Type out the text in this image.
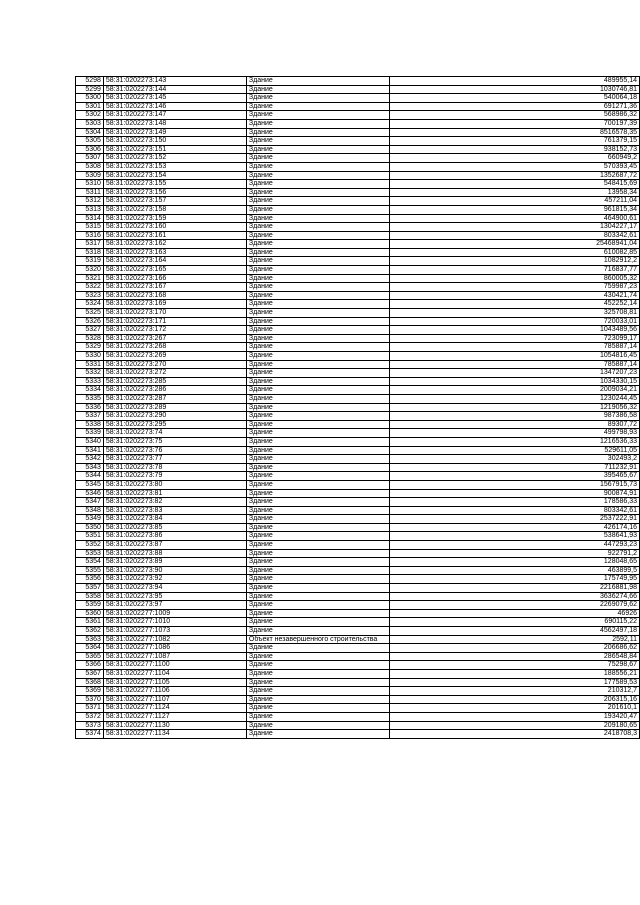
5298	58:31:0202273:143	Здание	489955,14
5299	58:31:0202273:144	Здание	1030746,81
5300	58:31:0202273:145	Здание	540064,18
5301	58:31:0202273:146	Здание	691271,36
5302	58:31:0202273:147	Здание	568986,32
5303	58:31:0202273:148	Здание	700197,39
5304	58:31:0202273:149	Здание	8516578,35
5305	58:31:0202273:150	Здание	761379,15
5306	58:31:0202273:151	Здание	938152,73
5307	58:31:0202273:152	Здание	660949,2
5308	58:31:0202273:153	Здание	570393,45
5309	58:31:0202273:154	Здание	1352687,72
5310	58:31:0202273:155	Здание	548415,69
5311	58:31:0202273:156	Здание	13958,34
5312	58:31:0202273:157	Здание	457211,04
5313	58:31:0202273:158	Здание	961815,34
5314	58:31:0202273:159	Здание	464900,61
5315	58:31:0202273:160	Здание	1304227,17
5316	58:31:0202273:161	Здание	803342,61
5317	58:31:0202273:162	Здание	25468941,04
5318	58:31:0202273:163	Здание	610082,85
5319	58:31:0202273:164	Здание	1082912,2
5320	58:31:0202273:165	Здание	716837,77
5321	58:31:0202273:166	Здание	860005,32
5322	58:31:0202273:167	Здание	759987,23
5323	58:31:0202273:168	Здание	430421,74
5324	58:31:0202273:169	Здание	452252,14
5325	58:31:0202273:170	Здание	325708,81
5326	58:31:0202273:171	Здание	720033,01
5327	58:31:0202273:172	Здание	1043489,56
5328	58:31:0202273:267	Здание	723099,17
5329	58:31:0202273:268	Здание	785887,14
5330	58:31:0202273:269	Здание	1054816,45
5331	58:31:0202273:270	Здание	785887,14
5332	58:31:0202273:272	Здание	1347207,23
5333	58:31:0202273:285	Здание	1034330,15
5334	58:31:0202273:286	Здание	2009034,21
5335	58:31:0202273:287	Здание	1230244,45
5336	58:31:0202273:289	Здание	1219056,32
5337	58:31:0202273:290	Здание	987386,58
5338	58:31:0202273:295	Здание	89307,72
5339	58:31:0202273:74	Здание	499798,93
5340	58:31:0202273:75	Здание	1216536,33
5341	58:31:0202273:76	Здание	529611,05
5342	58:31:0202273:77	Здание	302493,2
5343	58:31:0202273:78	Здание	711232,91
5344	58:31:0202273:79	Здание	395465,67
5345	58:31:0202273:80	Здание	1567915,73
5346	58:31:0202273:81	Здание	900874,91
5347	58:31:0202273:82	Здание	178586,33
5348	58:31:0202273:83	Здание	803342,61
5349	58:31:0202273:84	Здание	2537222,91
5350	58:31:0202273:85	Здание	426174,16
5351	58:31:0202273:86	Здание	538641,93
5352	58:31:0202273:87	Здание	447293,23
5353	58:31:0202273:88	Здание	922791,2
5354	58:31:0202273:89	Здание	128048,65
5355	58:31:0202273:90	Здание	463899,5
5356	58:31:0202273:92	Здание	175749,95
5357	58:31:0202273:94	Здание	2216881,98
5358	58:31:0202273:95	Здание	3636274,66
5359	58:31:0202273:97	Здание	2269079,62
5360	58:31:0202277:1009	Здание	46926
5361	58:31:0202277:1010	Здание	690115,22
5362	58:31:0202277:1073	Здание	4562497,18
5363	58:31:0202277:1082	Объект незавершенного строительства	2592,11
5364	58:31:0202277:1086	Здание	206686,62
5365	58:31:0202277:1087	Здание	286548,84
5366	58:31:0202277:1100	Здание	75298,67
5367	58:31:0202277:1104	Здание	188556,21
5368	58:31:0202277:1105	Здание	177589,53
5369	58:31:0202277:1106	Здание	210312,7
5370	58:31:0202277:1107	Здание	206315,16
5371	58:31:0202277:1124	Здание	201610,1
5372	58:31:0202277:1127	Здание	193420,47
5373	58:31:0202277:1130	Здание	209180,65
5374	58:31:0202277:1134	Здание	2418708,3
